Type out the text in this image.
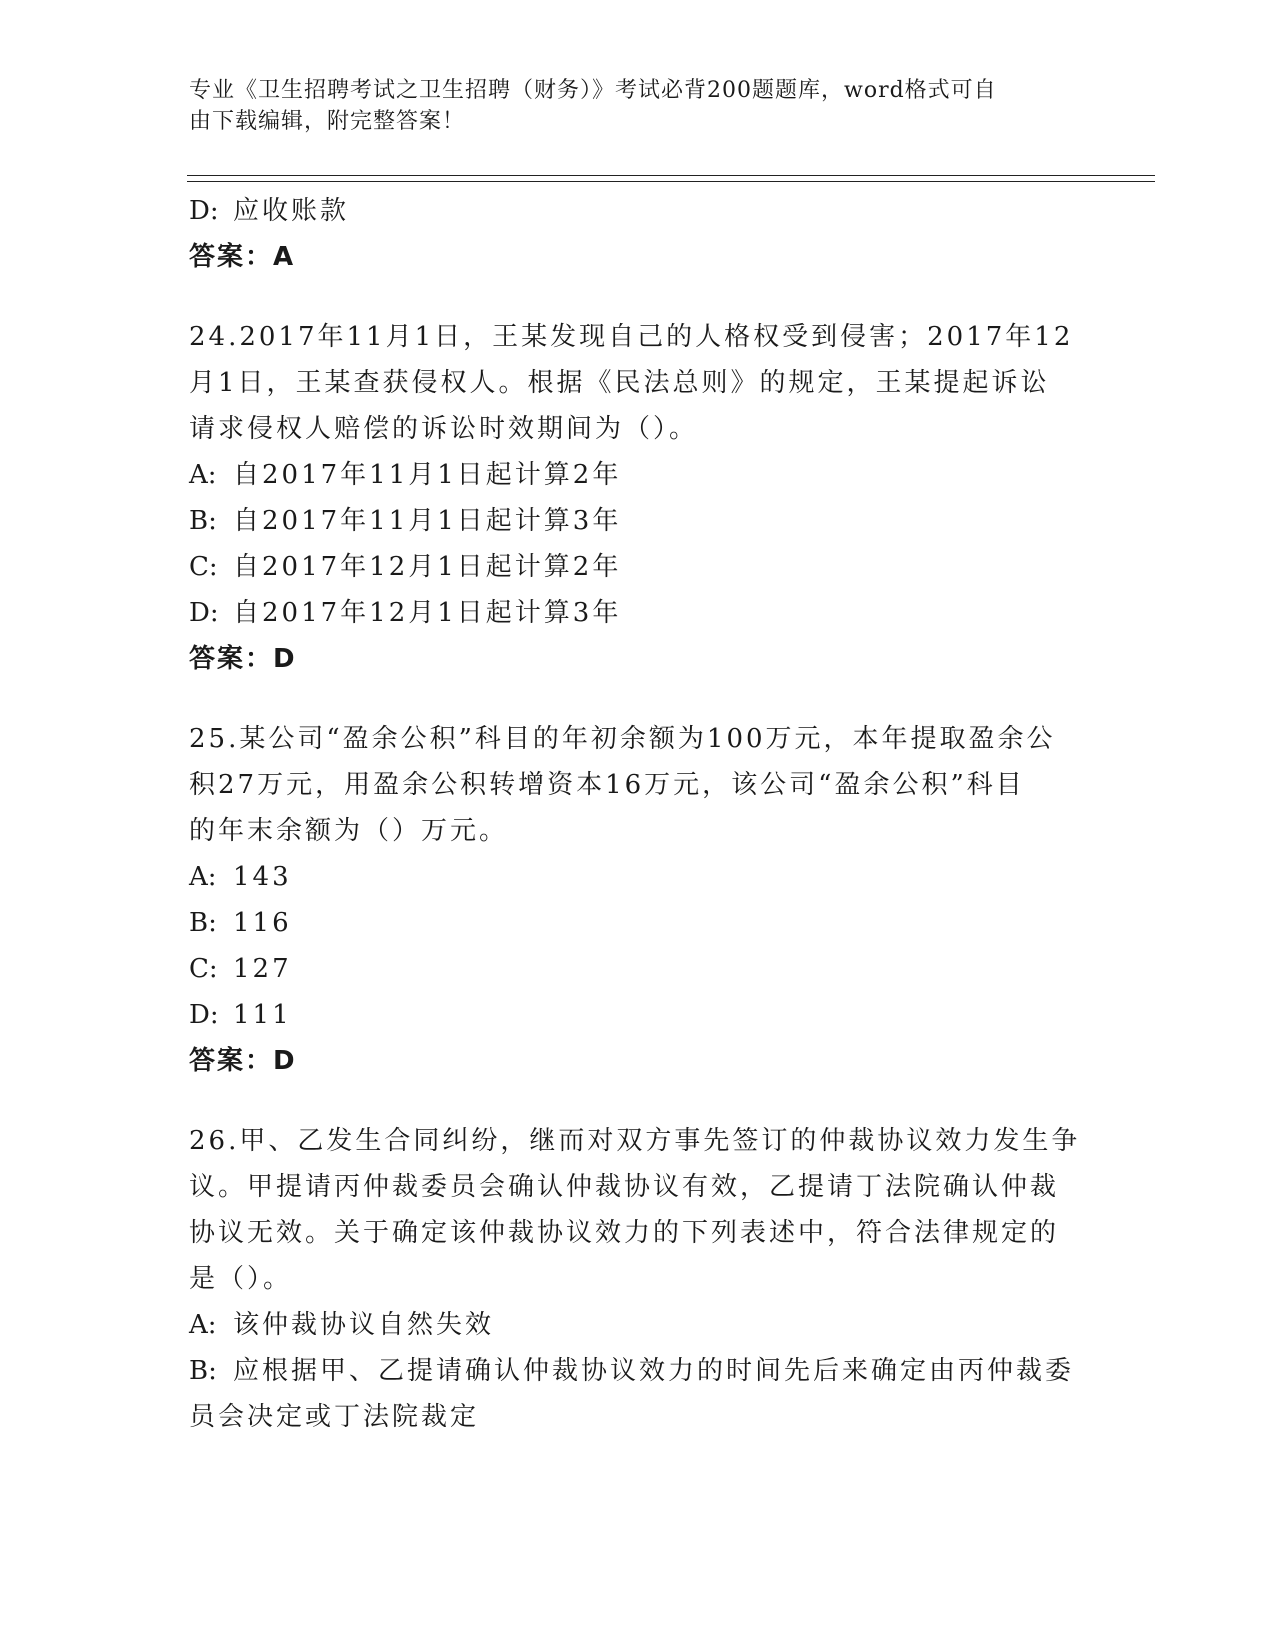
专业《卫生招聘考试之卫生招聘（财务）》考试必背200题题库，word格式可自
由下载编辑，附完整答案！
D: 应收账款
答案：A
24.2017年11月1日，王某发现自己的人格权受到侵害；2017年12
月1日，王某查获侵权人。根据《民法总则》的规定，王某提起诉讼
请求侵权人赔偿的诉讼时效期间为（）。
A: 自2017年11月1日起计算2年
B: 自2017年11月1日起计算3年
C: 自2017年12月1日起计算2年
D: 自2017年12月1日起计算3年
答案：D
25.某公司“盈余公积”科目的年初余额为100万元，本年提取盈余公
积27万元，用盈余公积转增资本16万元，该公司“盈余公积”科目
的年末余额为（）万元。
A: 143
B: 116
C: 127
D: 111
答案：D
26.甲、乙发生合同纠纷，继而对双方事先签订的仲裁协议效力发生争
议。甲提请丙仲裁委员会确认仲裁协议有效，乙提请丁法院确认仲裁
协议无效。关于确定该仲裁协议效力的下列表述中，符合法律规定的
是（）。
A: 该仲裁协议自然失效
B: 应根据甲、乙提请确认仲裁协议效力的时间先后来确定由丙仲裁委
员会决定或丁法院裁定
